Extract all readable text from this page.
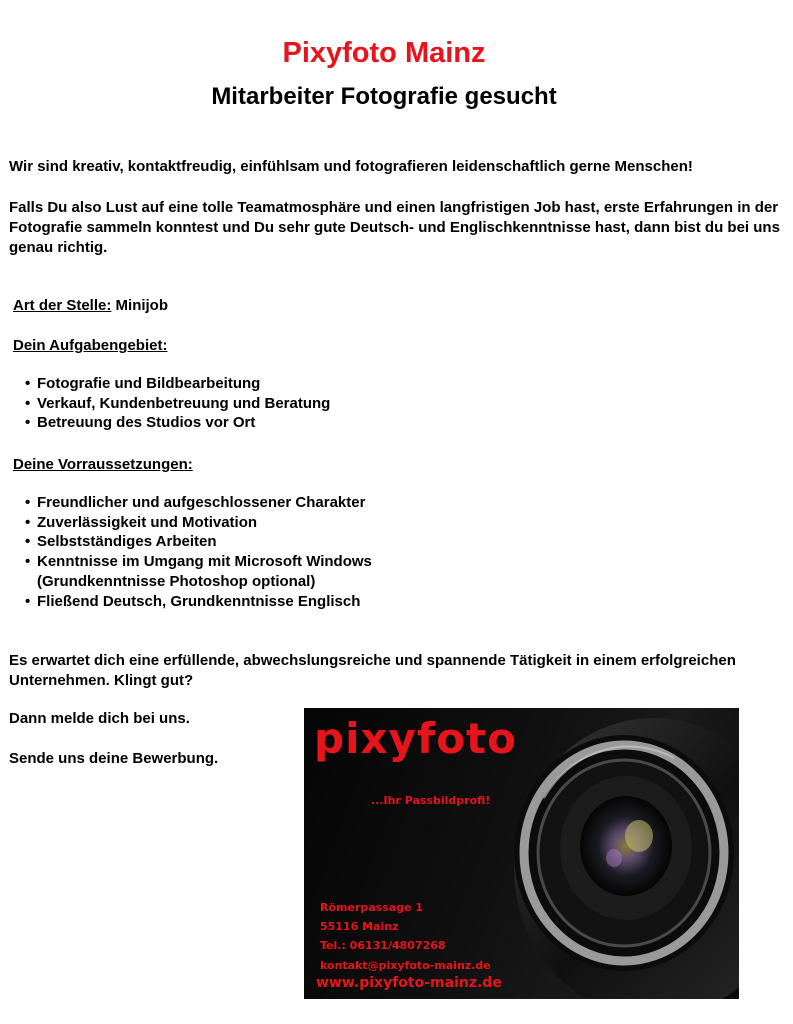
Pixyfoto Mainz
Mitarbeiter Fotografie gesucht

Wir sind kreativ, kontaktfreudig, einfühlsam und fotografieren leidenschaftlich gerne Menschen!

Falls Du also Lust auf eine tolle Teamatmosphäre und einen langfristigen Job hast, erste Erfahrungen in der Fotografie sammeln konntest und Du sehr gute Deutsch- und Englischkenntnisse hast, dann bist du bei uns genau richtig.

Art der Stelle: Minijob
Dein Aufgabengebiet:
• Fotografie und Bildbearbeitung
• Verkauf, Kundenbetreuung und Beratung
• Betreuung des Studios vor Ort
Deine Vorraussetzungen:
• Freundlicher und aufgeschlossener Charakter
• Zuverlässigkeit und Motivation
• Selbstständiges Arbeiten
• Kenntnisse im Umgang mit Microsoft Windows
(Grundkenntnisse Photoshop optional)
• Fließend Deutsch, Grundkenntnisse Englisch

Es erwartet dich eine erfüllende, abwechslungsreiche und spannende Tätigkeit in einem erfolgreichen Unternehmen. Klingt gut?

Dann melde dich bei uns.

Sende uns deine Bewerbung.	pixyfoto
...Ihr Passbildprofi!

Römerpassage 1

55116 Mainz

Tel.: 06131/4807268

kontakt@pixyfoto-mainz.de

www.pixyfoto-mainz.de
